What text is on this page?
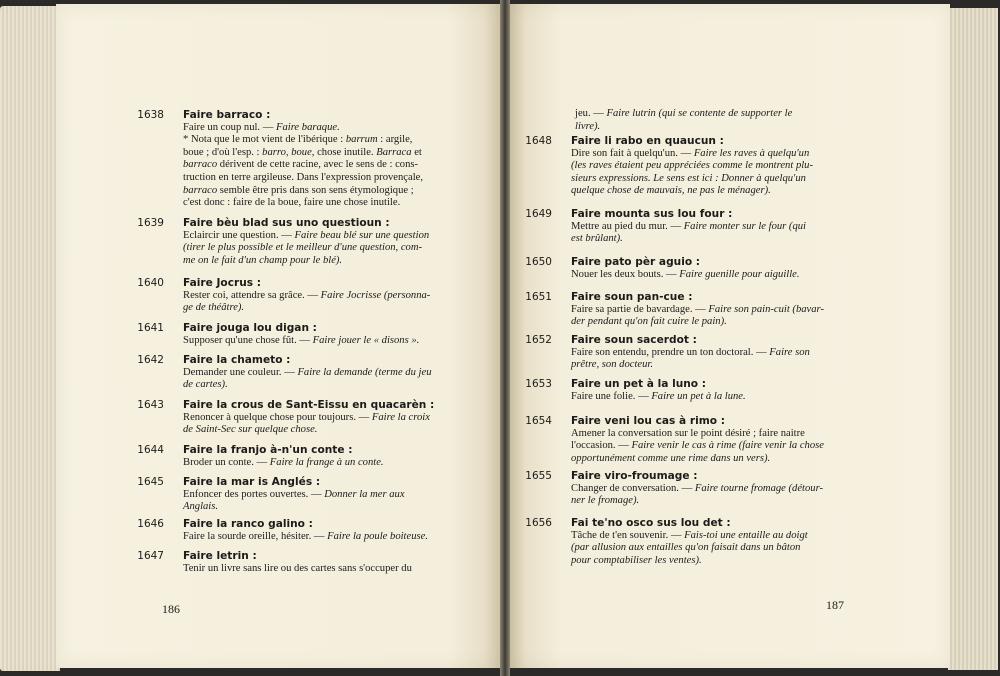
1638 Faire barraco :
Faire un coup nul. — Faire baraque.
* Nota que le mot vient de l'ibérique : barrum : argile,
boue ; d'où l'esp. : barro, boue, chose inutile. Barraca et
barraco dérivent de cette racine, avec le sens de : cons-
truction en terre argileuse. Dans l'expression provençale,
barraco semble être pris dans son sens étymologique ;
c'est donc : faire de la boue, faire une chose inutile.
1639 Faire bèu blad sus uno questioun :
Eclaircir une question. — Faire beau blé sur une question
(tirer le plus possible et le meilleur d'une question, com-
me on le fait d'un champ pour le blé).
1640 Faire Jocrus :
Rester coi, attendre sa grâce. — Faire Jocrisse (personna-
ge de théâtre).
1641 Faire jouga lou digan :
Supposer qu'une chose fût. — Faire jouer le « disons ».
1642 Faire la chameto :
Demander une couleur. — Faire la demande (terme du jeu
de cartes).
1643 Faire la crous de Sant-Eissu en quacarèn :
Renoncer à quelque chose pour toujours. — Faire la croix
de Saint-Sec sur quelque chose.
1644 Faire la franjo à-n'un conte :
Broder un conte. — Faire la frange à un conte.
1645 Faire la mar is Anglés :
Enfoncer des portes ouvertes. — Donner la mer aux
Anglais.
1646 Faire la ranco galino :
Faire la sourde oreille, hésiter. — Faire la poule boiteuse.
1647 Faire letrin :
Tenir un livre sans lire ou des cartes sans s'occuper du
186
jeu. — Faire lutrin (qui se contente de supporter le
livre).
1648 Faire li rabo en quaucun :
Dire son fait à quelqu'un. — Faire les raves à quelqu'un
(les raves étaient peu appréciées comme le montrent plu-
sieurs expressions. Le sens est ici : Donner à quelqu'un
quelque chose de mauvais, ne pas le ménager).
1649 Faire mounta sus lou four :
Mettre au pied du mur. — Faire monter sur le four (qui
est brûlant).
1650 Faire pato pèr aguio :
Nouer les deux bouts. — Faire guenille pour aiguille.
1651 Faire soun pan-cue :
Faire sa partie de bavardage. — Faire son pain-cuit (bavar-
der pendant qu'on fait cuire le pain).
1652 Faire soun sacerdot :
Faire son entendu, prendre un ton doctoral. — Faire son
prêtre, son docteur.
1653 Faire un pet à la luno :
Faire une folie. — Faire un pet à la lune.
1654 Faire veni lou cas à rimo :
Amener la conversation sur le point désiré ; faire naitre
l'occasion. — Faire venir le cas à rime (faire venir la chose
opportunément comme une rime dans un vers).
1655 Faire viro-froumage :
Changer de conversation. — Faire tourne fromage (détour-
ner le fromage).
1656 Fai te'no osco sus lou det :
Tâche de t'en souvenir. — Fais-toi une entaille au doigt
(par allusion aux entailles qu'on faisait dans un bâton
pour comptabiliser les ventes).
187
